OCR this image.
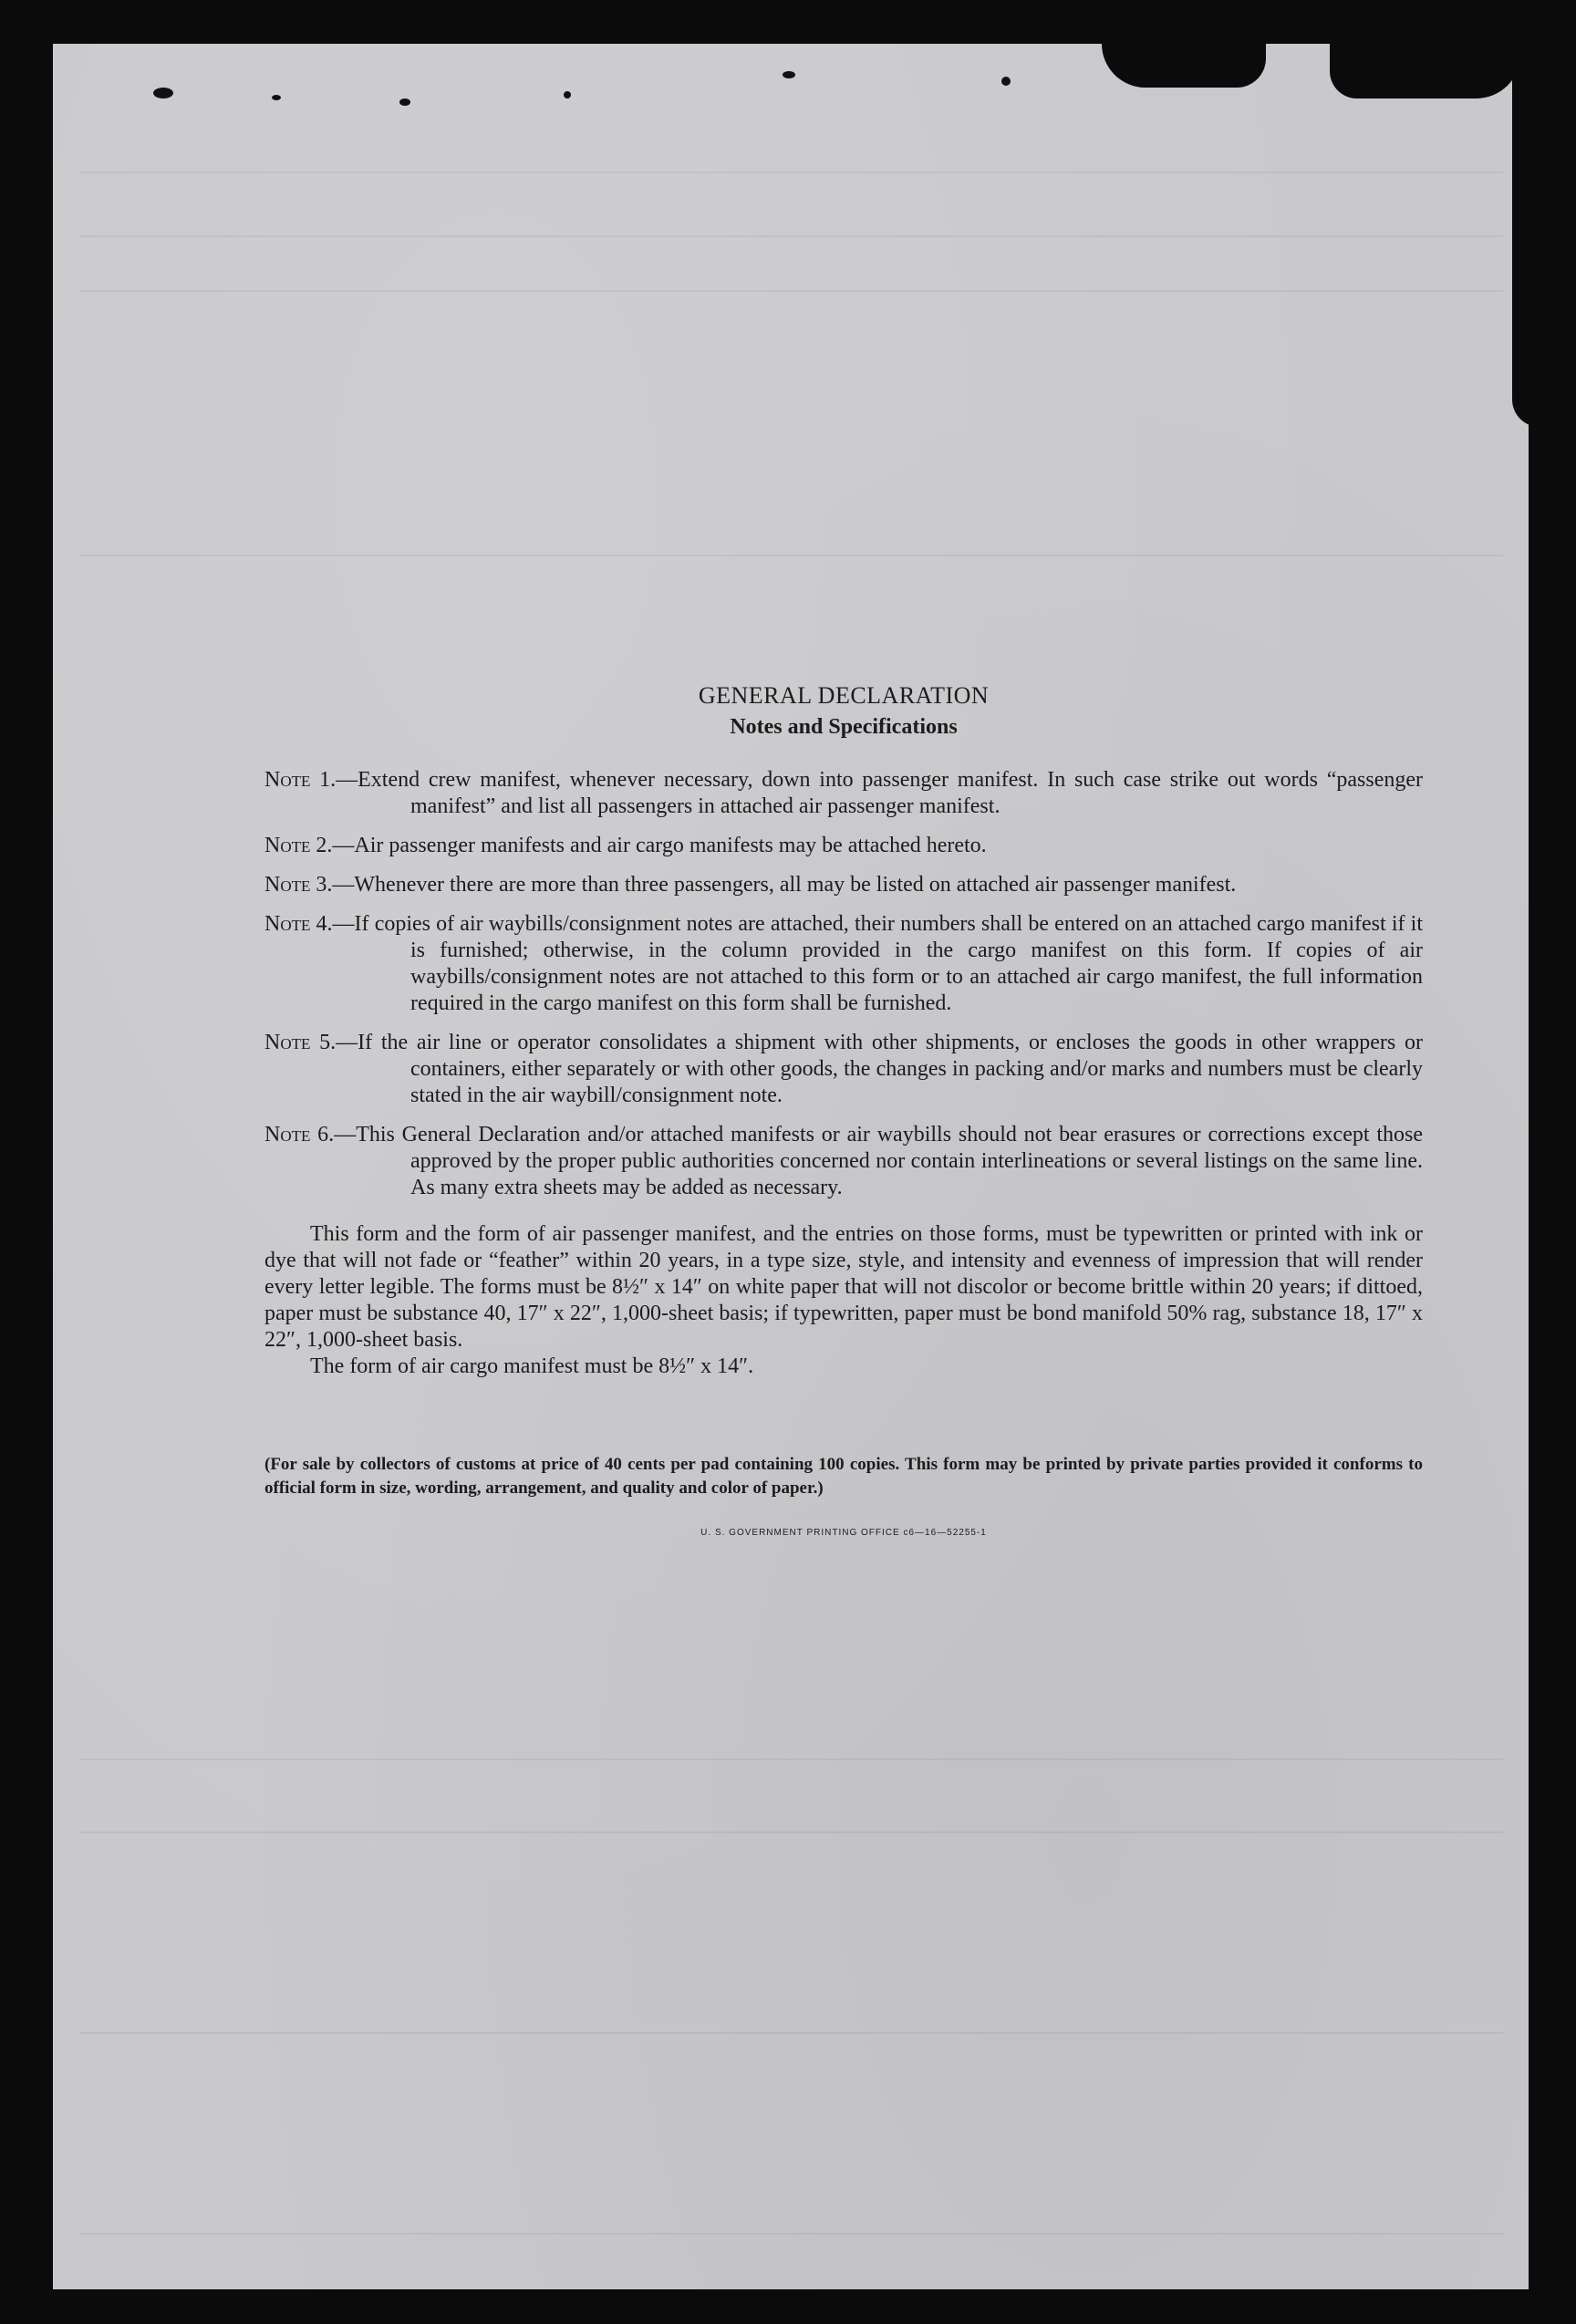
GENERAL DECLARATION
Notes and Specifications
Note 1.—Extend crew manifest, whenever necessary, down into passenger manifest. In such case strike out words “passenger manifest” and list all passengers in attached air passenger manifest.
Note 2.—Air passenger manifests and air cargo manifests may be attached hereto.
Note 3.—Whenever there are more than three passengers, all may be listed on attached air passenger manifest.
Note 4.—If copies of air waybills/consignment notes are attached, their numbers shall be entered on an attached cargo manifest if it is furnished; otherwise, in the column provided in the cargo manifest on this form. If copies of air waybills/consignment notes are not attached to this form or to an attached air cargo manifest, the full information required in the cargo manifest on this form shall be furnished.
Note 5.—If the air line or operator consolidates a shipment with other shipments, or encloses the goods in other wrappers or containers, either separately or with other goods, the changes in packing and/or marks and numbers must be clearly stated in the air waybill/consignment note.
Note 6.—This General Declaration and/or attached manifests or air waybills should not bear erasures or corrections except those approved by the proper public authorities concerned nor contain interlineations or several listings on the same line. As many extra sheets may be added as necessary.
This form and the form of air passenger manifest, and the entries on those forms, must be typewritten or printed with ink or dye that will not fade or “feather” within 20 years, in a type size, style, and intensity and evenness of impression that will render every letter legible. The forms must be 8½″ x 14″ on white paper that will not discolor or become brittle within 20 years; if dittoed, paper must be substance 40, 17″ x 22″, 1,000-sheet basis; if typewritten, paper must be bond manifold 50% rag, substance 18, 17″ x 22″, 1,000-sheet basis.
The form of air cargo manifest must be 8½″ x 14″.
(For sale by collectors of customs at price of 40 cents per pad containing 100 copies. This form may be printed by private parties provided it conforms to official form in size, wording, arrangement, and quality and color of paper.)
U. S. GOVERNMENT PRINTING OFFICE c6—16—52255-1
